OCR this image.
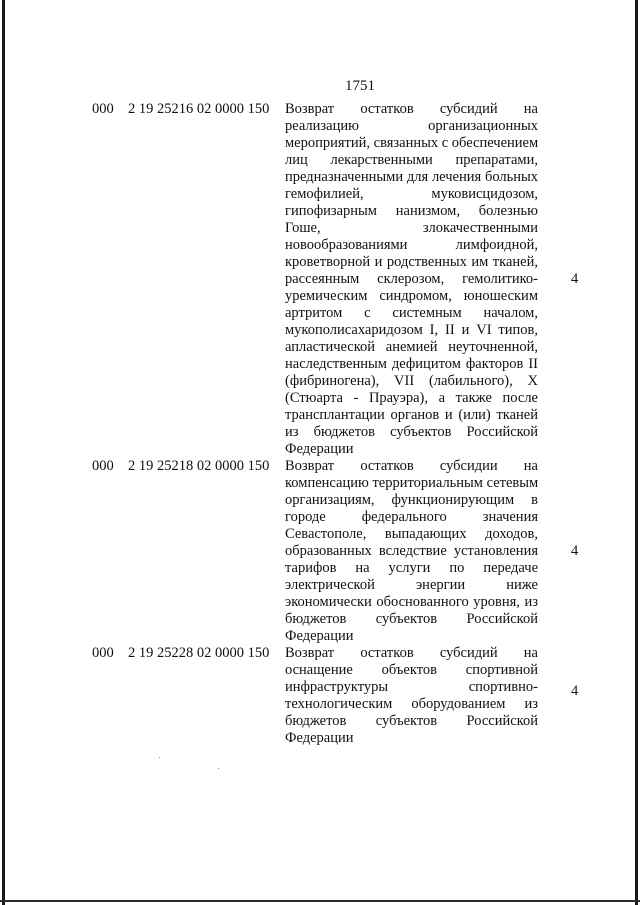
1751
000 2 19 25216 02 0000 150 Возврат остатков субсидий на
реализацию организационных
мероприятий, связанных с обеспечением
лиц лекарственными препаратами,
предназначенными для лечения больных
гемофилией, муковисцидозом,
гипофизарным нанизмом, болезнью
Гоше, злокачественными
новообразованиями лимфоидной,
кроветворной и родственных им тканей,
рассеянным склерозом, гемолитико-
уремическим синдромом, юношеским
артритом с системным началом,
мукополисахаридозом I, II и VI типов,
апластической анемией неуточненной,
наследственным дефицитом факторов II
(фибриногена), VII (лабильного), X
(Стюарта - Прауэра), а также после
трансплантации органов и (или) тканей
из бюджетов субъектов Российской
Федерации
4
000 2 19 25218 02 0000 150 Возврат остатков субсидии на
компенсацию территориальным сетевым
организациям, функционирующим в
городе федерального значения
Севастополе, выпадающих доходов,
образованных вследствие установления
тарифов на услуги по передаче
электрической энергии ниже
экономически обоснованного уровня, из
бюджетов субъектов Российской
Федерации
4
000 2 19 25228 02 0000 150 Возврат остатков субсидий на
оснащение объектов спортивной
инфраструктуры спортивно-
технологическим оборудованием из
бюджетов субъектов Российской
Федерации
4
